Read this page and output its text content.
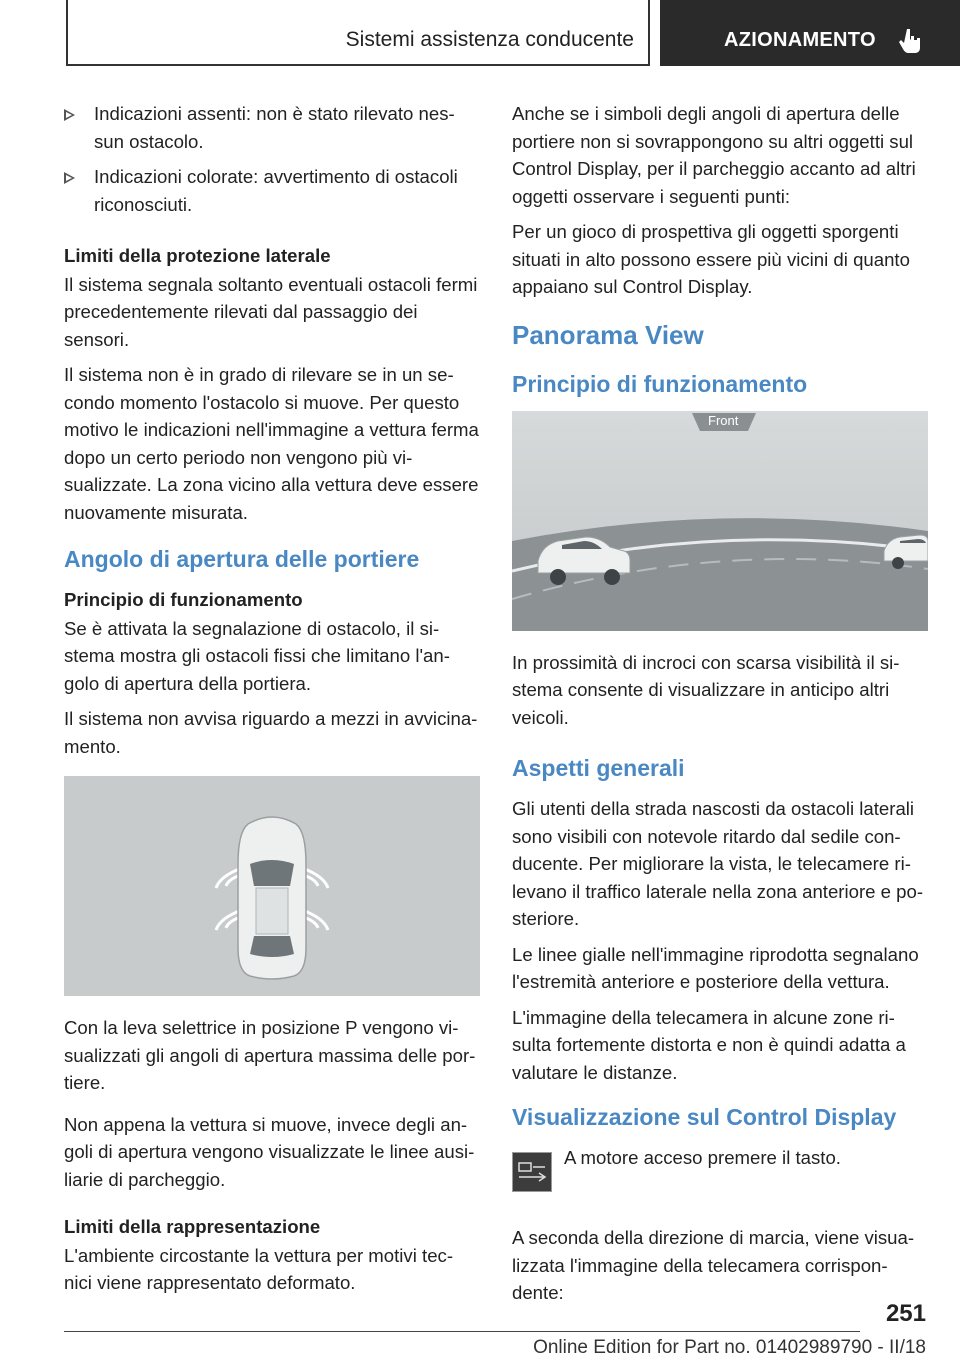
Sistemi assistenza conducente	AZIONAMENTO
Indicazioni assenti: non è stato rilevato nes-sun ostacolo.
Indicazioni colorate: avvertimento di ostacoli riconosciuti.
Limiti della protezione laterale

Il sistema segnala soltanto eventuali ostacoli fermi precedentemente rilevati dal passaggio dei sensori.

Il sistema non è in grado di rilevare se in un se-condo momento l'ostacolo si muove. Per questo motivo le indicazioni nell'immagine a vettura ferma dopo un certo periodo non vengono più vi-sualizzate. La zona vicino alla vettura deve essere nuovamente misurata.

Angolo di apertura delle portiere
Principio di funzionamento

Se è attivata la segnalazione di ostacolo, il si-stema mostra gli ostacoli fissi che limitano l'an-golo di apertura della portiera.

Il sistema non avvisa riguardo a mezzi in avvicina-mento.

Con la leva selettrice in posizione P vengono vi-sualizzati gli angoli di apertura massima delle por-tiere.

Non appena la vettura si muove, invece degli an-goli di apertura vengono visualizzate le linee ausi-liarie di parcheggio.

Limiti della rappresentazione

L'ambiente circostante la vettura per motivi tec-nici viene rappresentato deformato.

Anche se i simboli degli angoli di apertura delle portiere non si sovrappongono su altri oggetti sul Control Display, per il parcheggio accanto ad altri oggetti osservare i seguenti punti:

Per un gioco di prospettiva gli oggetti sporgenti situati in alto possono essere più vicini di quanto appaiano sul Control Display.

Panorama View
Principio di funzionamento
Front

In prossimità di incroci con scarsa visibilità il si-stema consente di visualizzare in anticipo altri veicoli.

Aspetti generali

Gli utenti della strada nascosti da ostacoli laterali sono visibili con notevole ritardo dal sedile con-ducente. Per migliorare la vista, le telecamere ri-levano il traffico laterale nella zona anteriore e po-steriore.

Le linee gialle nell'immagine riprodotta segnalano l'estremità anteriore e posteriore della vettura.

L'immagine della telecamera in alcune zone ri-sulta fortemente distorta e non è quindi adatta a valutare le distanze.

Visualizzazione sul Control Display
A motore acceso premere il tasto.

A seconda della direzione di marcia, viene visua-lizzata l'immagine della telecamera corrispon-dente:

251
Online Edition for Part no. 01402989790 - II/18
